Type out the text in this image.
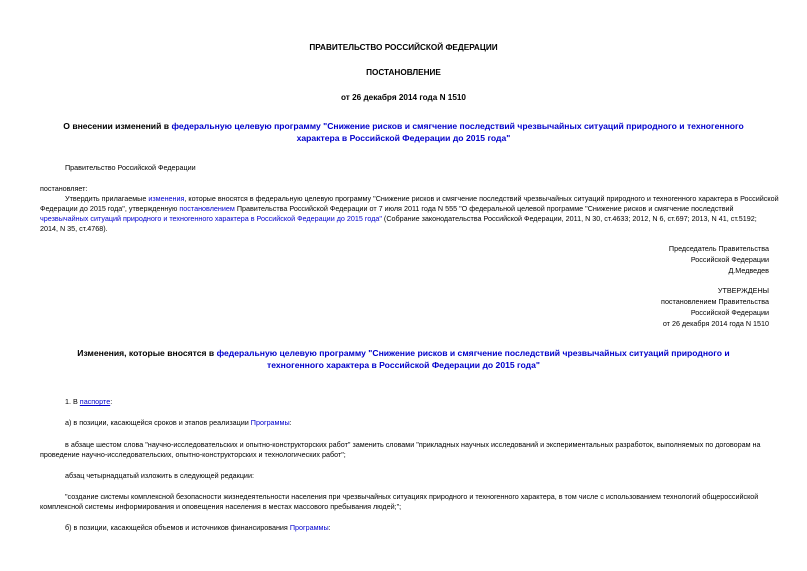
ПРАВИТЕЛЬСТВО РОССИЙСКОЙ ФЕДЕРАЦИИ
ПОСТАНОВЛЕНИЕ
от 26 декабря 2014 года N 1510
О внесении изменений в федеральную целевую программу "Снижение рисков и смягчение последствий чрезвычайных ситуаций природного и техногенного
характера в Российской Федерации до 2015 года"
Правительство Российской Федерации
постановляет:
Утвердить прилагаемые изменения, которые вносятся в федеральную целевую программу "Снижение рисков и смягчение последствий чрезвычайных ситуаций природного и техногенного характера в Российской
Федерации до 2015 года", утвержденную постановлением Правительства Российской Федерации от 7 июля 2011 года N 555 "О федеральной целевой программе "Снижение рисков и смягчение последствий
чрезвычайных ситуаций природного и техногенного характера в Российской Федерации до 2015 года" (Собрание законодательства Российской Федерации, 2011, N 30, ст.4633; 2012, N 6, ст.697; 2013, N 41, ст.5192;
2014, N 35, ст.4768).
Председатель Правительства
Российской Федерации
Д.Медведев
УТВЕРЖДЕНЫ
постановлением Правительства
Российской Федерации
от 26 декабря 2014 года N 1510
Изменения, которые вносятся в федеральную целевую программу "Снижение рисков и смягчение последствий чрезвычайных ситуаций природного и
техногенного характера в Российской Федерации до 2015 года"
1. В паспорте:
а) в позиции, касающейся сроков и этапов реализации Программы:
в абзаце шестом слова "научно-исследовательских и опытно-конструкторских работ" заменить словами "прикладных научных исследований и экспериментальных разработок, выполняемых по договорам на
проведение научно-исследовательских, опытно-конструкторских и технологических работ";
абзац четырнадцатый изложить в следующей редакции:
"создание системы комплексной безопасности жизнедеятельности населения при чрезвычайных ситуациях природного и техногенного характера, в том числе с использованием технологий общероссийской
комплексной системы информирования и оповещения населения в местах массового пребывания людей;";
б) в позиции, касающейся объемов и источников финансирования Программы:
